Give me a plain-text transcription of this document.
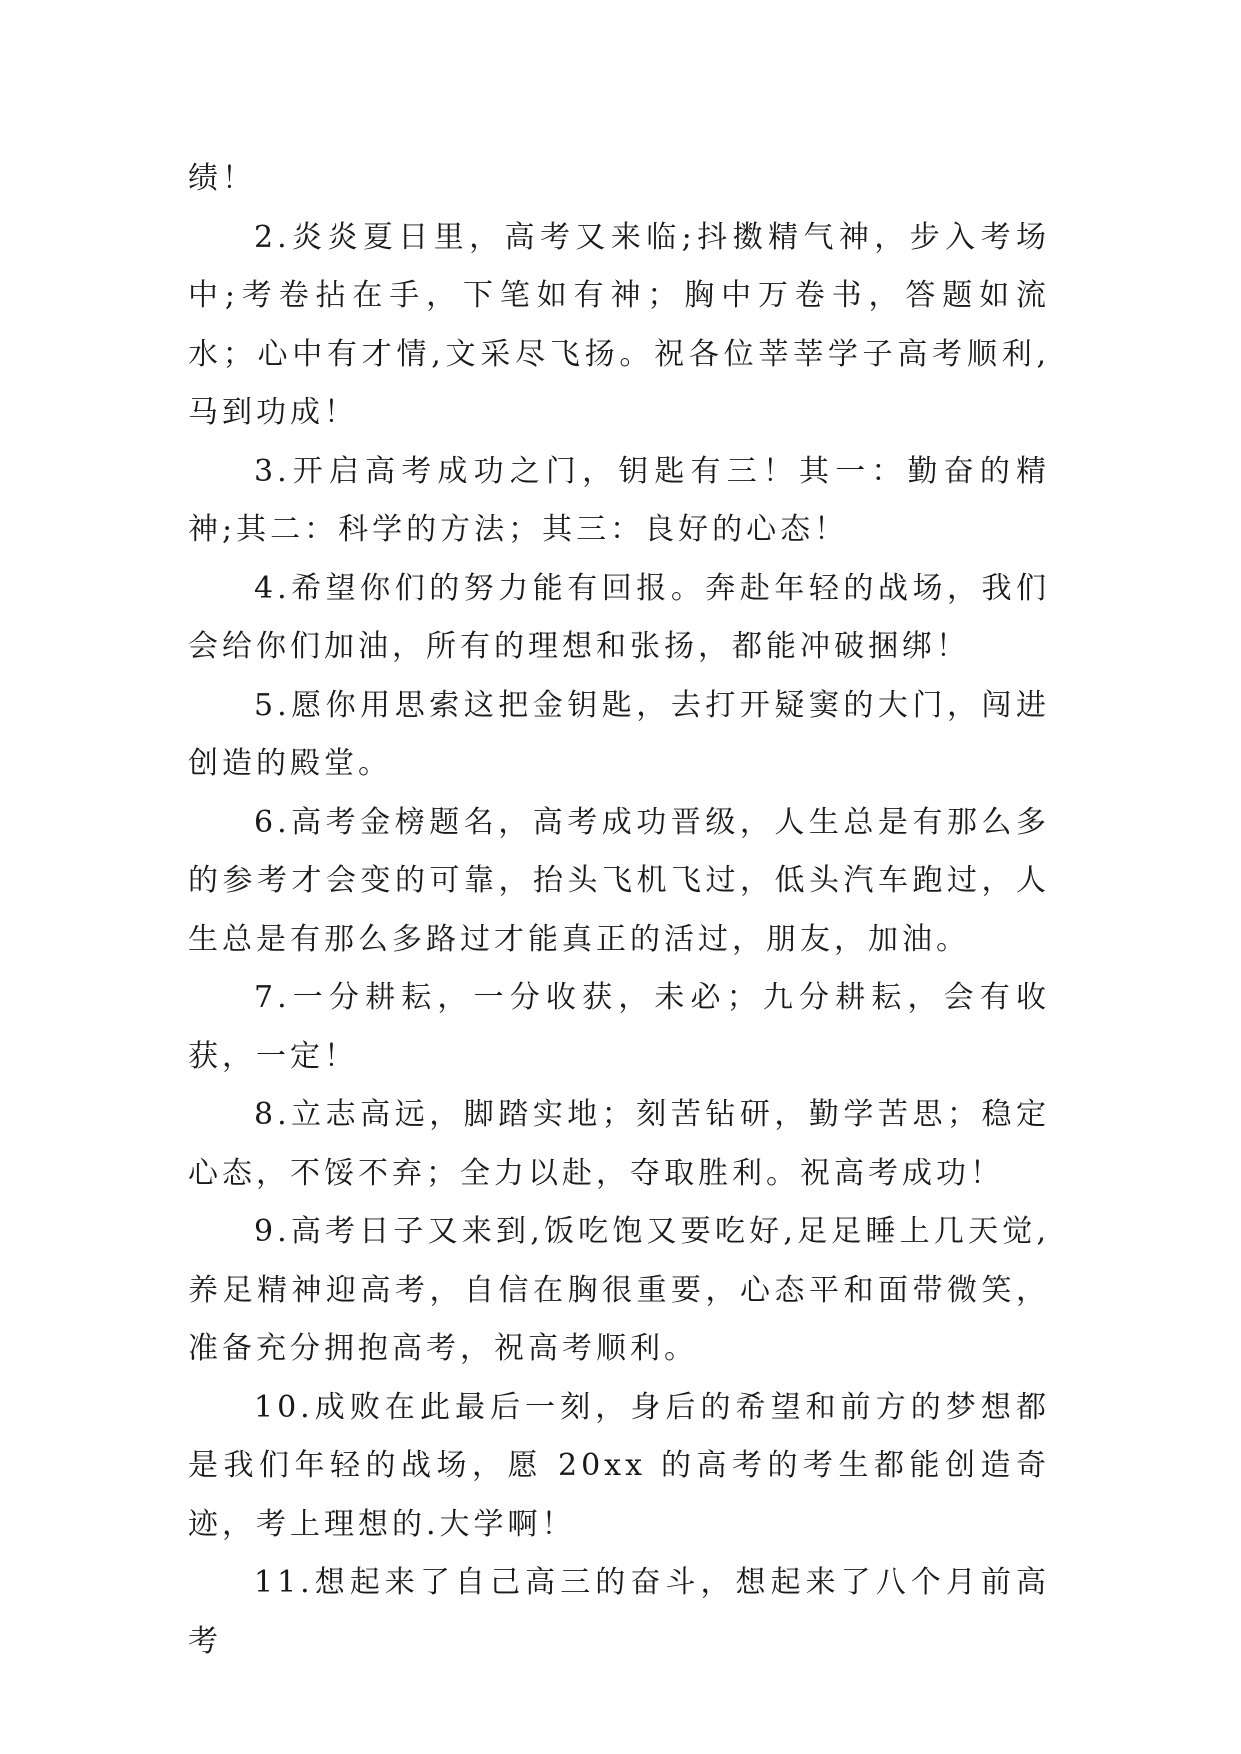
绩！

2.炎炎夏日里，高考又来临;抖擞精气神，步入考场中;考卷拈在手，下笔如有神；胸中万卷书，答题如流水；心中有才情,文采尽飞扬。祝各位莘莘学子高考顺利,马到功成！

3.开启高考成功之门，钥匙有三！其一：勤奋的精神;其二：科学的方法；其三：良好的心态！

4.希望你们的努力能有回报。奔赴年轻的战场，我们会给你们加油，所有的理想和张扬，都能冲破捆绑！

5.愿你用思索这把金钥匙，去打开疑窦的大门，闯进创造的殿堂。

6.高考金榜题名，高考成功晋级，人生总是有那么多的参考才会变的可靠，抬头飞机飞过，低头汽车跑过，人生总是有那么多路过才能真正的活过，朋友，加油。

7.一分耕耘，一分收获，未必；九分耕耘，会有收获，一定！

8.立志高远，脚踏实地；刻苦钻研，勤学苦思；稳定心态，不馁不弃；全力以赴，夺取胜利。祝高考成功！

9.高考日子又来到,饭吃饱又要吃好,足足睡上几天觉,养足精神迎高考，自信在胸很重要，心态平和面带微笑，准备充分拥抱高考，祝高考顺利。

10.成败在此最后一刻，身后的希望和前方的梦想都是我们年轻的战场，愿 20xx 的高考的考生都能创造奇迹，考上理想的.大学啊！

11.想起来了自己高三的奋斗，想起来了八个月前高考
